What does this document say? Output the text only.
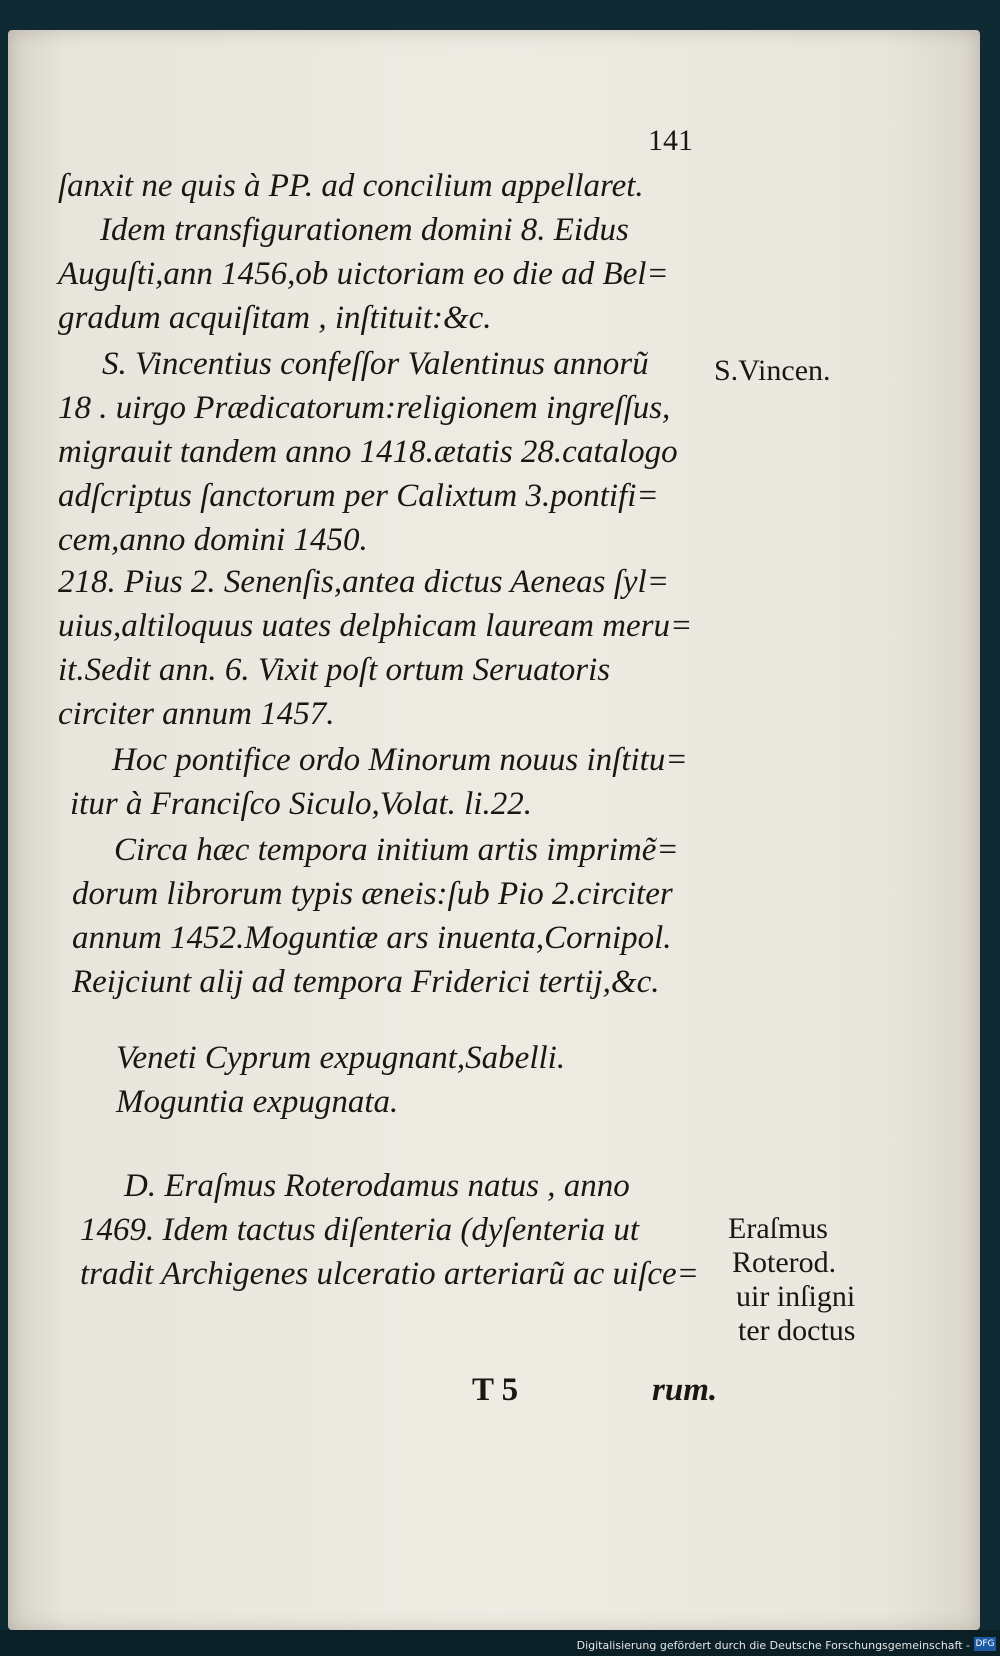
141
ſanxit ne quis à PP. ad concilium appellaret.
Idem transfigurationem domini 8. Eidus
Auguſti,ann 1456,ob uictoriam eo die ad Bel=
gradum acquiſitam , inſtituit:&c.
S. Vincentius confeſſor Valentinus annorũ
18 . uirgo Prædicatorum:religionem ingreſſus,
migrauit tandem anno 1418.ætatis 28.catalogo
adſcriptus ſanctorum per Calixtum 3.pontifi=
cem,anno domini 1450.
218. Pius 2. Senenſis,antea dictus Aeneas ſyl=
uius,altiloquus uates delphicam lauream meru=
it.Sedit ann. 6. Vixit poſt ortum Seruatoris
circiter annum 1457.
Hoc pontifice ordo Minorum nouus inſtitu=
itur à Franciſco Siculo,Volat. li.22.
Circa hæc tempora initium artis imprimẽ=
dorum librorum typis æneis:ſub Pio 2.circiter
annum 1452.Moguntiæ ars inuenta,Cornipol.
Reijciunt alij ad tempora Friderici tertij,&c.
Veneti Cyprum expugnant,Sabelli.
Moguntia expugnata.
D. Eraſmus Roterodamus natus , anno
1469. Idem tactus diſenteria (dyſenteria ut
tradit Archigenes ulceratio arteriarũ ac uiſce=
S.Vincen.
Eraſmus
Roterod.
uir inſigni
ter doctus
T 5	rum.
Digitalisierung gefördert durch die Deutsche Forschungsgemeinschaft - DFG
